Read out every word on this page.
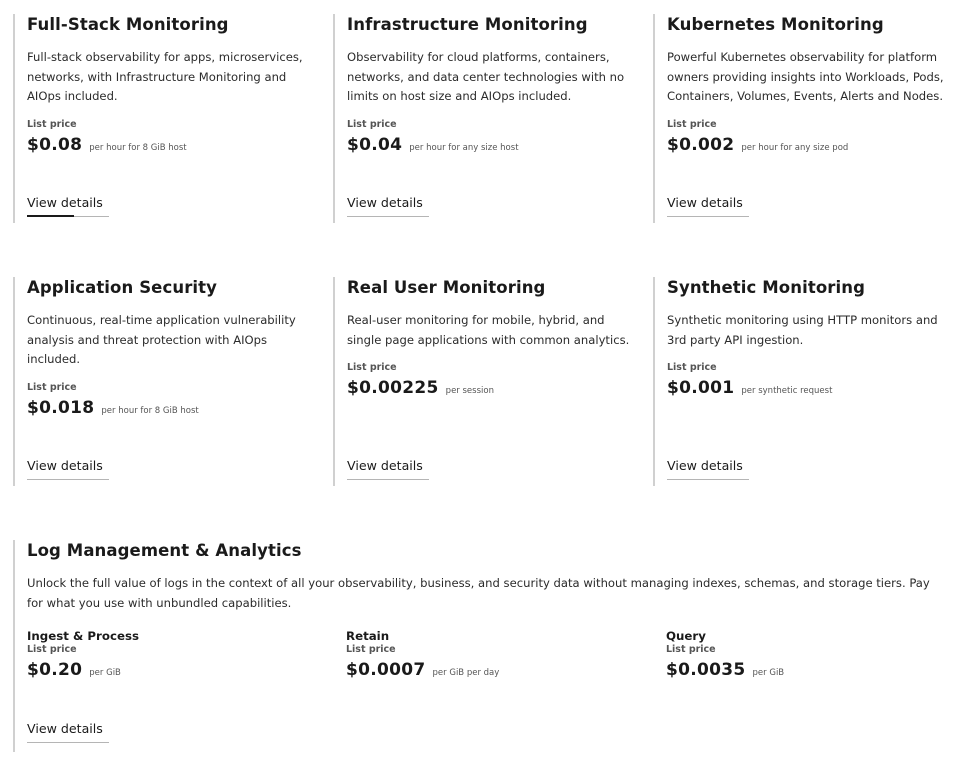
Full-Stack Monitoring

Full-stack observability for apps, microservices, networks, with Infrastructure Monitoring and AIOps included.

List price
$0.08 per hour for 8 GiB host
View details
Infrastructure Monitoring

Observability for cloud platforms, containers, networks, and data center technologies with no limits on host size and AIOps included.

List price
$0.04 per hour for any size host
View details
Kubernetes Monitoring

Powerful Kubernetes observability for platform owners providing insights into Workloads, Pods, Containers, Volumes, Events, Alerts and Nodes.

List price
$0.002 per hour for any size pod
View details
Application Security

Continuous, real-time application vulnerability analysis and threat protection with AIOps included.

List price
$0.018 per hour for 8 GiB host
View details
Real User Monitoring

Real-user monitoring for mobile, hybrid, and single page applications with common analytics.

List price
$0.00225 per session
View details
Synthetic Monitoring

Synthetic monitoring using HTTP monitors and 3rd party API ingestion.

List price
$0.001 per synthetic request
View details
Log Management & Analytics

Unlock the full value of logs in the context of all your observability, business, and security data without managing indexes, schemas, and storage tiers. Pay for what you use with unbundled capabilities.

Ingest & Process
List price
$0.20 per GiB
Retain
List price
$0.0007 per GiB per day
Query
List price
$0.0035 per GiB
View details
